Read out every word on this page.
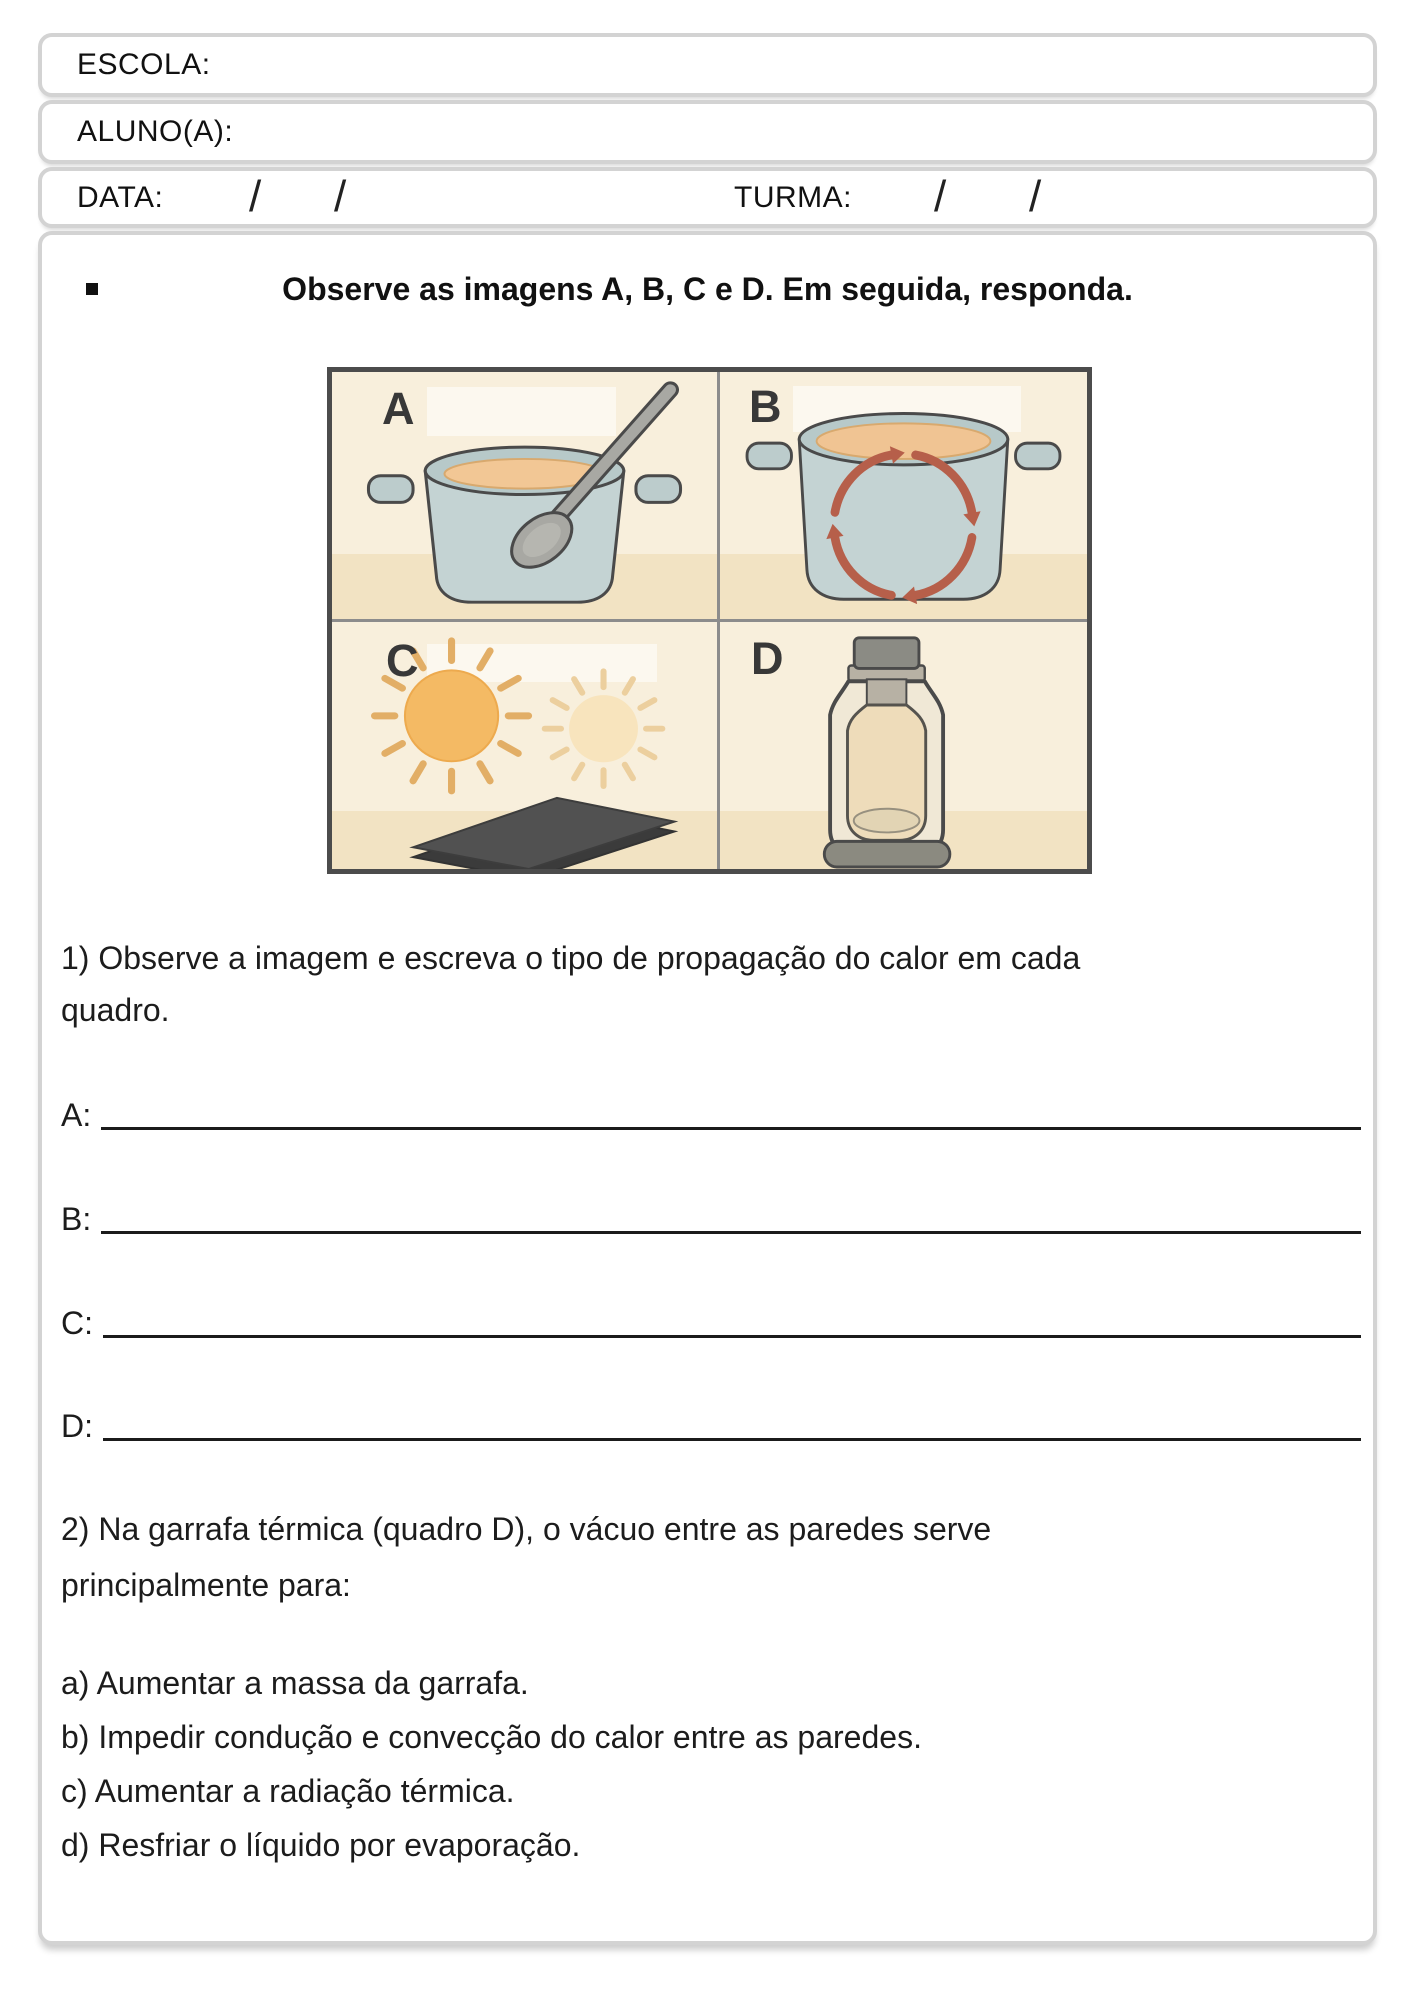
ESCOLA:
ALUNO(A):
DATA: / /	TURMA: / /
Observe as imagens A, B, C e D. Em seguida, responda.
A	B
C	D
1) Observe a imagem e escreva o tipo de propagação do calor em cada
quadro.
A:
B:
C:
D:
2) Na garrafa térmica (quadro D), o vácuo entre as paredes serve
principalmente para:
a) Aumentar a massa da garrafa.
b) Impedir condução e convecção do calor entre as paredes.
c) Aumentar a radiação térmica.
d) Resfriar o líquido por evaporação.
